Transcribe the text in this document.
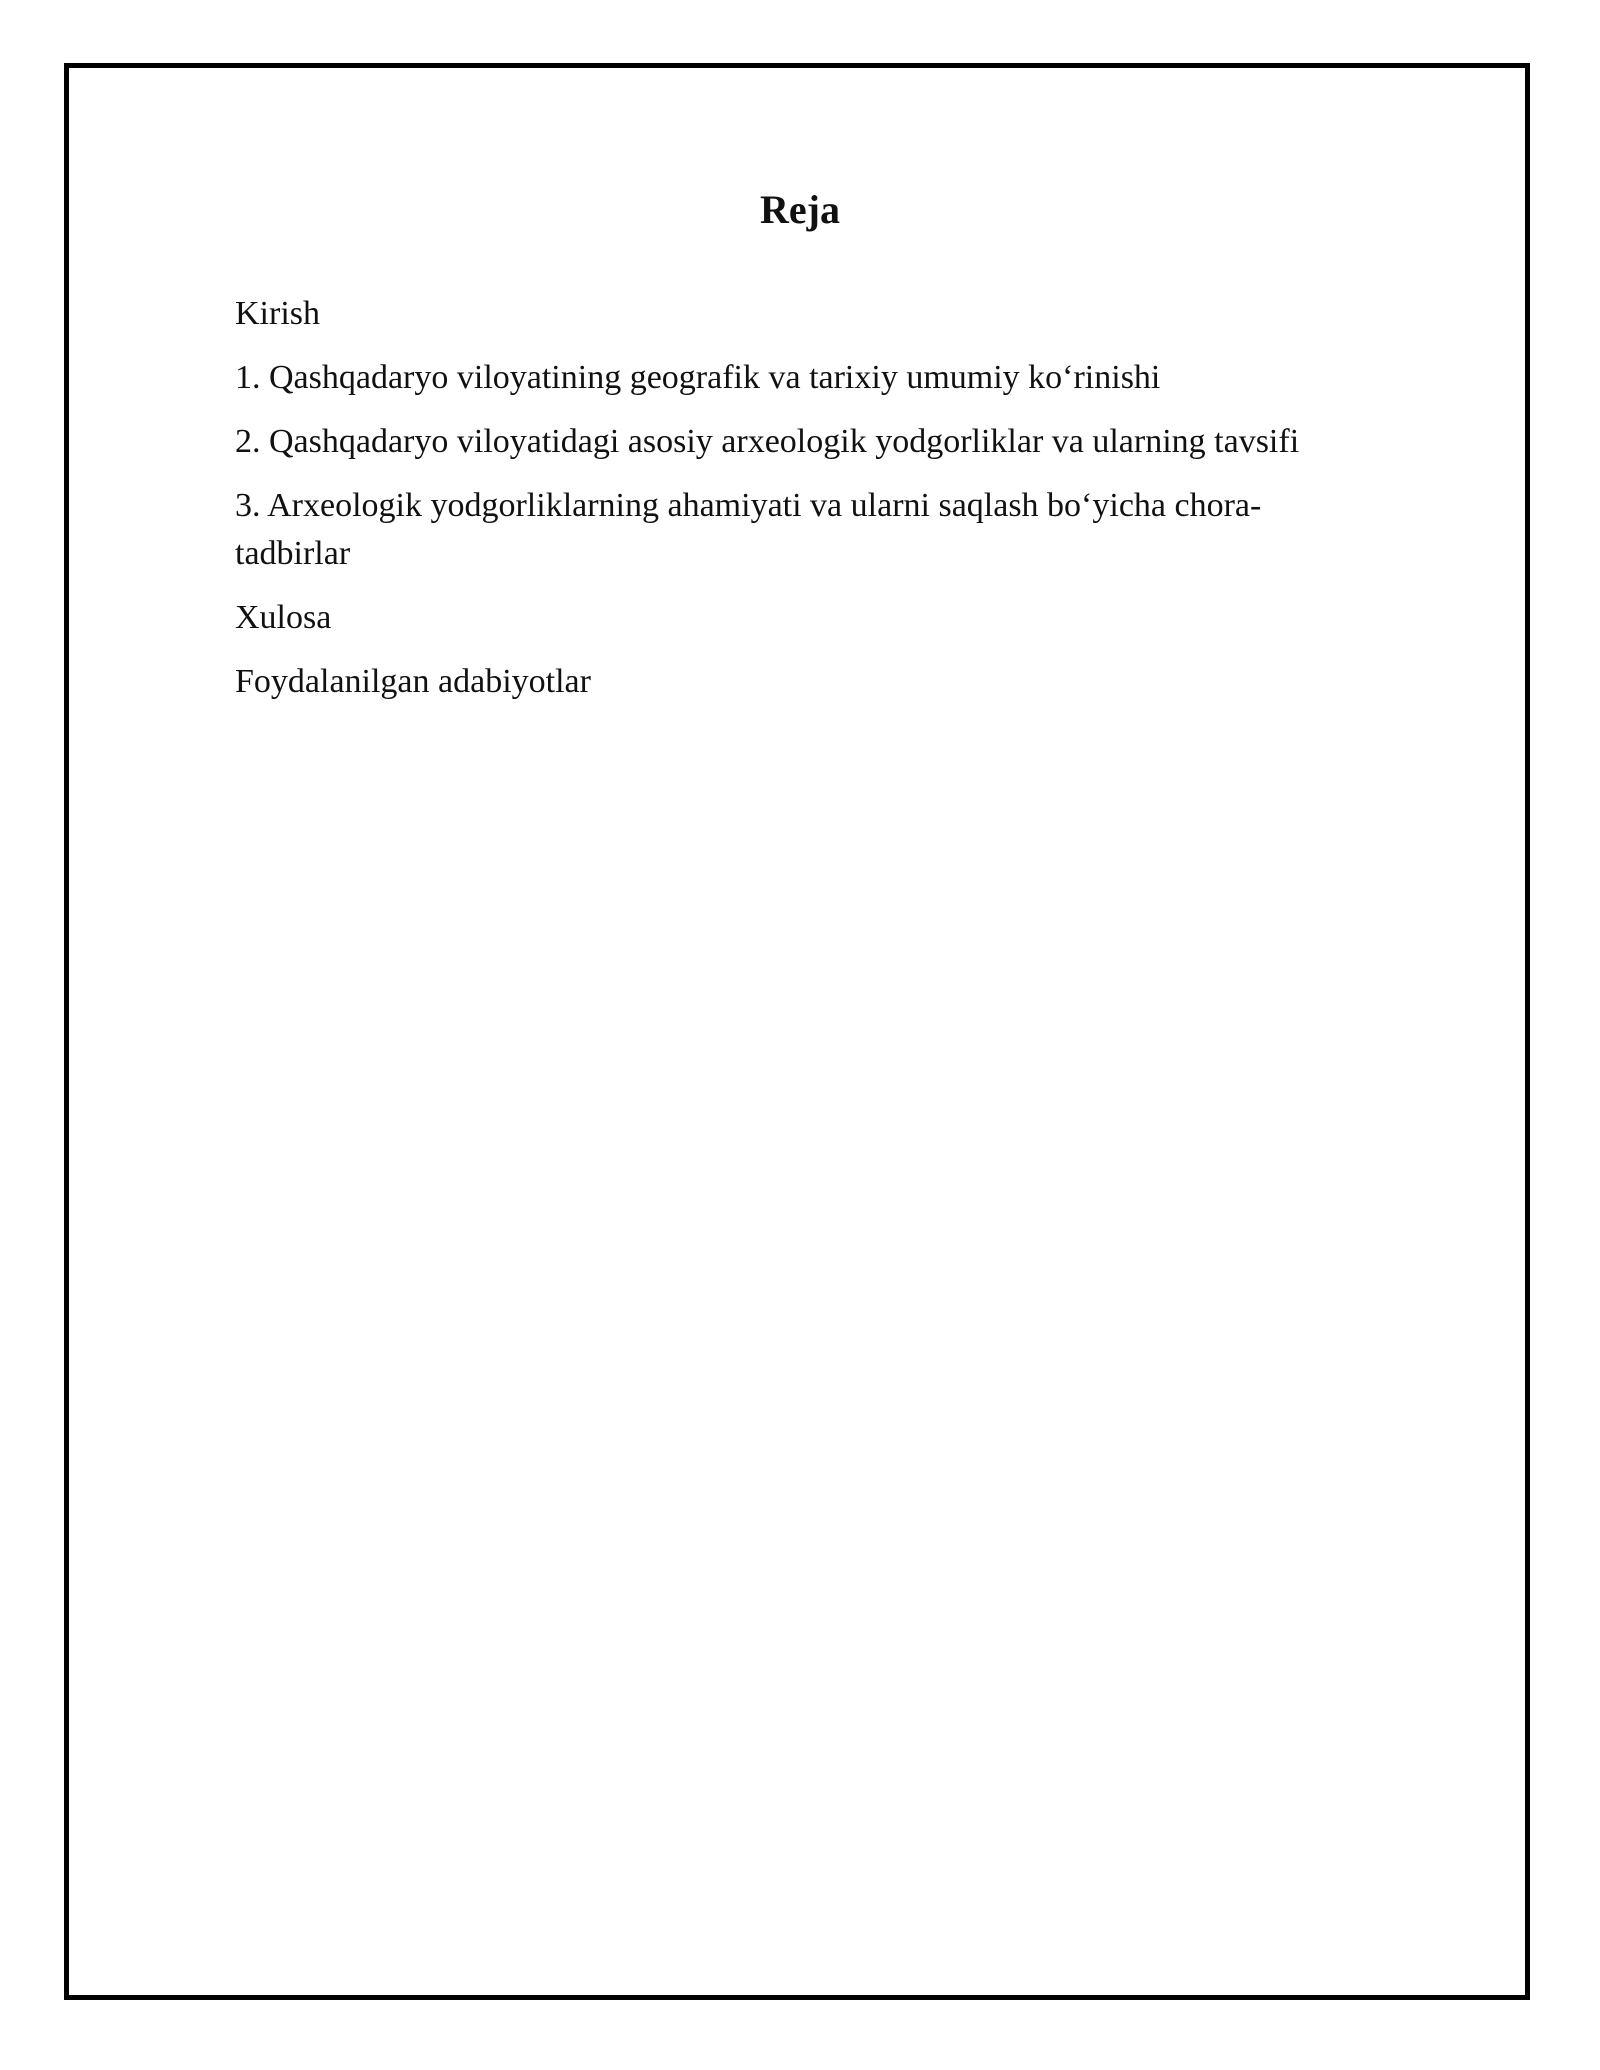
Reja
Kirish
1. Qashqadaryo viloyatining geografik va tarixiy umumiy koʻrinishi
2. Qashqadaryo viloyatidagi asosiy arxeologik yodgorliklar va ularning tavsifi
3. Arxeologik yodgorliklarning ahamiyati va ularni saqlash boʻyicha chora-tadbirlar
Xulosa
Foydalanilgan adabiyotlar
